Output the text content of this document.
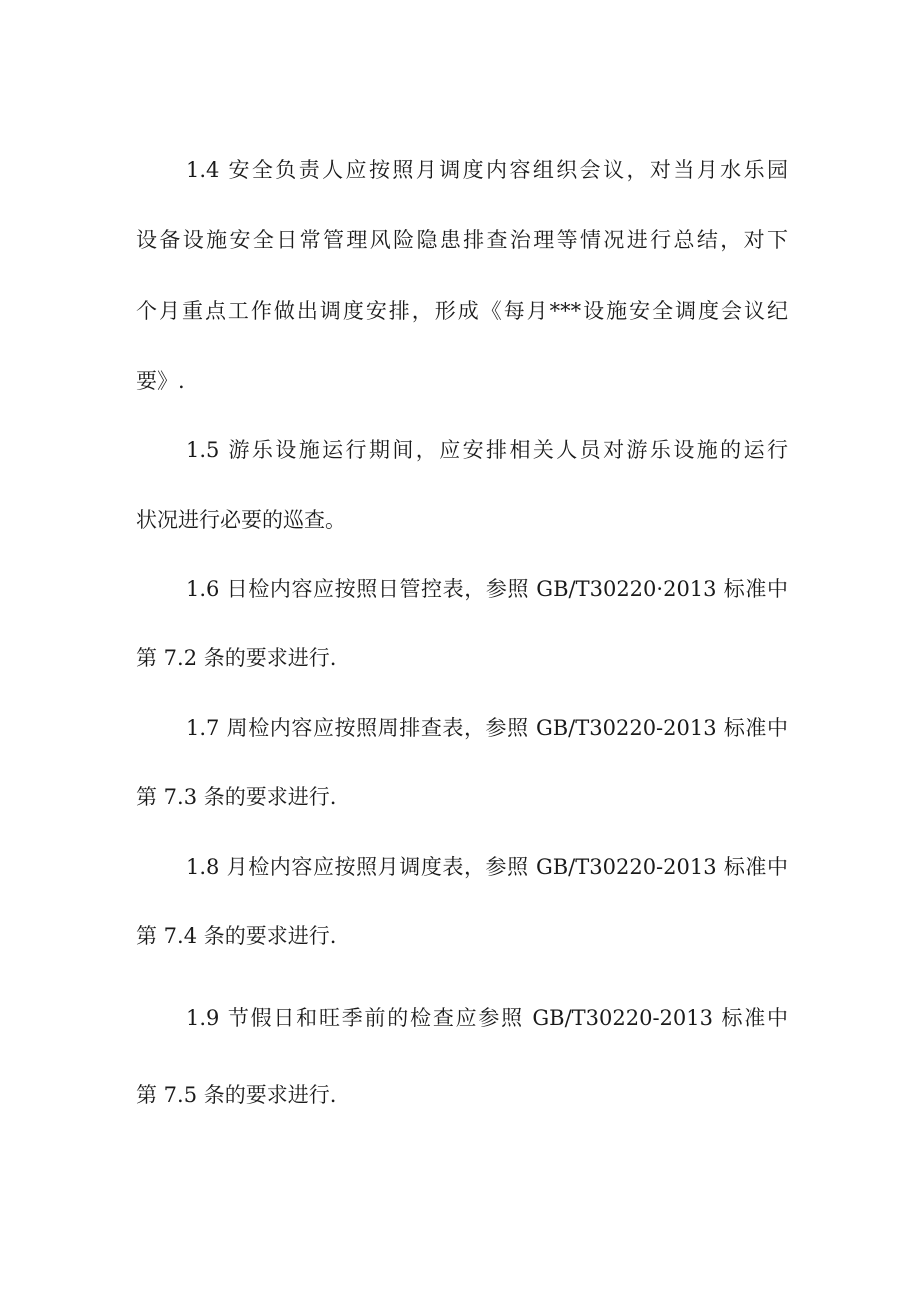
1.4 安全负责人应按照月调度内容组织会议，对当月水乐园
设备设施安全日常管理风险隐患排查治理等情况进行总结，对下
个月重点工作做出调度安排，形成《每月***设施安全调度会议纪
要》.
1.5 游乐设施运行期间，应安排相关人员对游乐设施的运行
状况进行必要的巡查。
1.6 日检内容应按照日管控表，参照 GB/T30220·2013 标准中
第 7.2 条的要求进行.
1.7 周检内容应按照周排查表，参照 GB/T30220-2013 标准中
第 7.3 条的要求进行.
1.8 月检内容应按照月调度表，参照 GB/T30220-2013 标准中
第 7.4 条的要求进行.
1.9 节假日和旺季前的检查应参照 GB/T30220-2013 标准中
第 7.5 条的要求进行.
